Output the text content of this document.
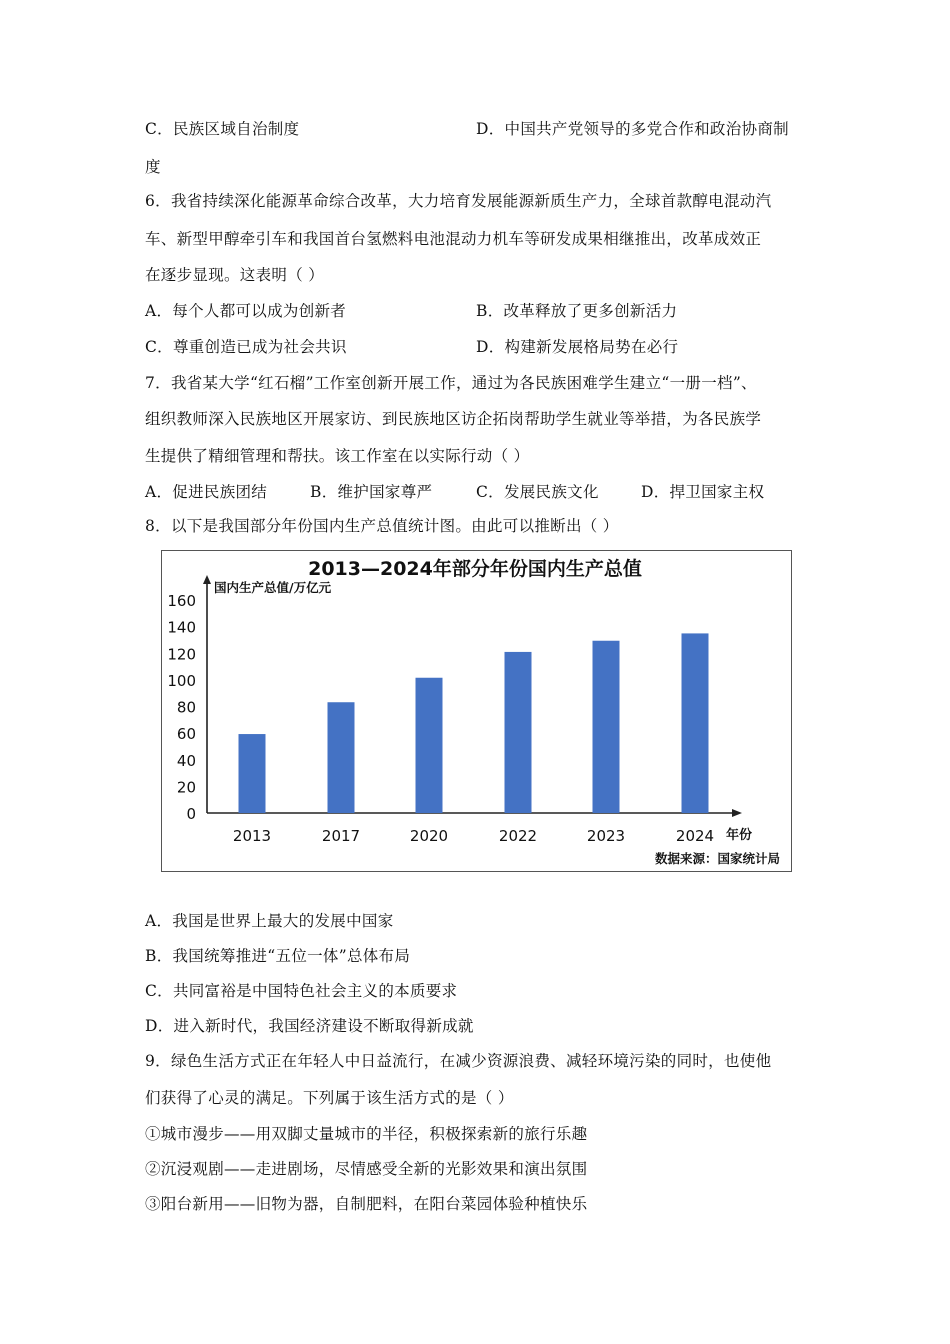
C．民族区域自治制度	D．中国共产党领导的多党合作和政治协商制
度
6．我省持续深化能源革命综合改革，大力培育发展能源新质生产力，全球首款醇电混动汽
车、新型甲醇牵引车和我国首台氢燃料电池混动力机车等研发成果相继推出，改革成效正
在逐步显现。这表明（ ）
A．每个人都可以成为创新者	B．改革释放了更多创新活力
C．尊重创造已成为社会共识	D．构建新发展格局势在必行
7．我省某大学“红石榴”工作室创新开展工作，通过为各民族困难学生建立“一册一档”、
组织教师深入民族地区开展家访、到民族地区访企拓岗帮助学生就业等举措，为各民族学
生提供了精细管理和帮扶。该工作室在以实际行动（ ）
A．促进民族团结	B．维护国家尊严	C．发展民族文化	D．捍卫国家主权
8．以下是我国部分年份国内生产总值统计图。由此可以推断出（ ）
2013—2024年部分年份国内生产总值
国内生产总值/万亿元
年份
数据来源：国家统计局
0
20
40
60
80
100
120
140
160
2013	2017	2020	2022	2023	2024
A．我国是世界上最大的发展中国家
B．我国统筹推进“五位一体”总体布局
C．共同富裕是中国特色社会主义的本质要求
D．进入新时代，我国经济建设不断取得新成就
9．绿色生活方式正在年轻人中日益流行，在减少资源浪费、减轻环境污染的同时，也使他
们获得了心灵的满足。下列属于该生活方式的是（ ）
①城市漫步——用双脚丈量城市的半径，积极探索新的旅行乐趣
②沉浸观剧——走进剧场，尽情感受全新的光影效果和演出氛围
③阳台新用——旧物为器，自制肥料，在阳台菜园体验种植快乐
